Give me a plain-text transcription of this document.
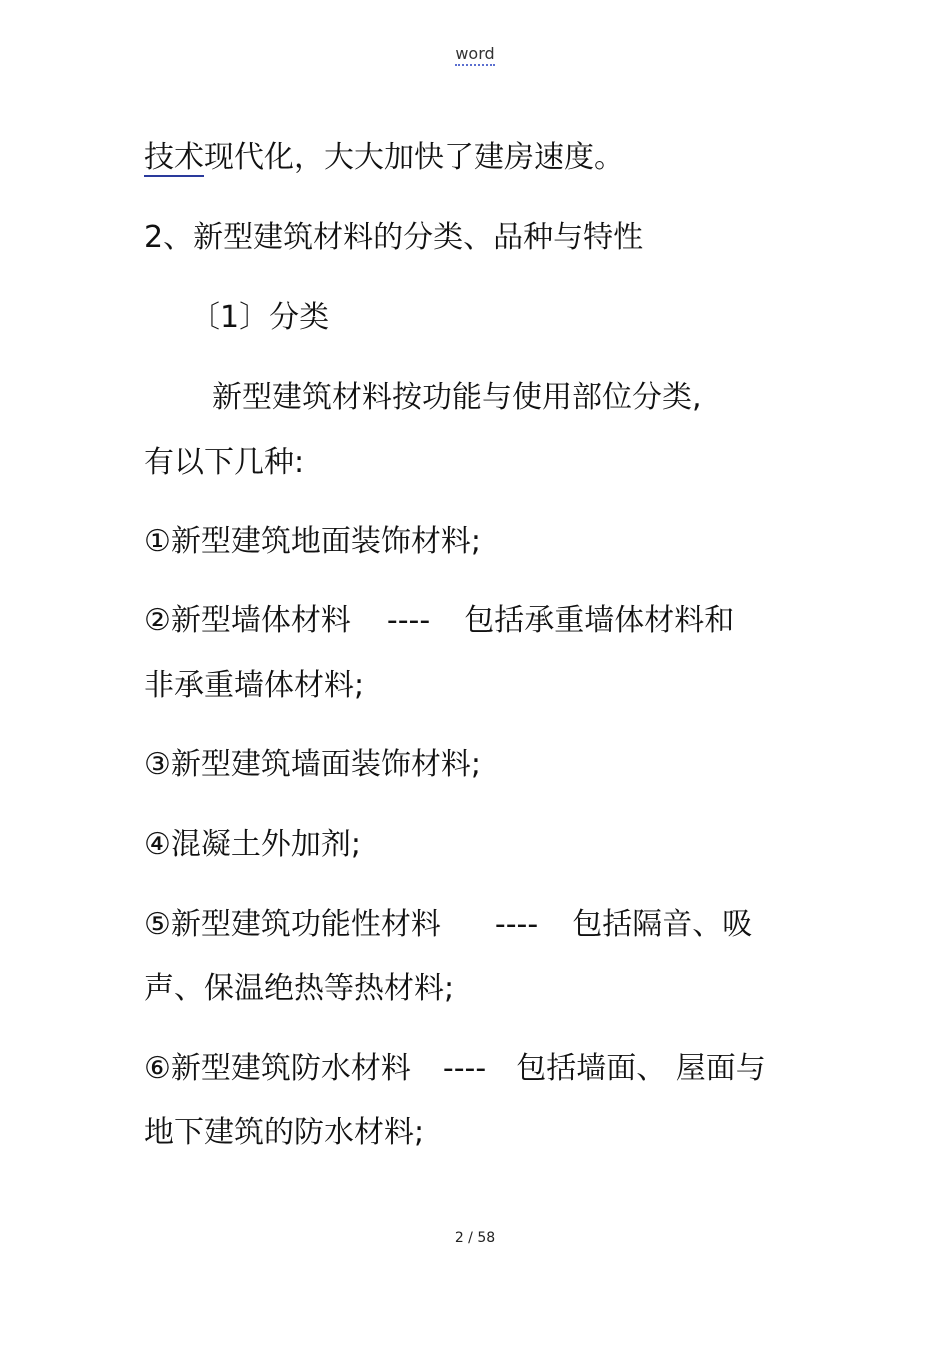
word
技术现代化，大大加快了建房速度。
2、新型建筑材料的分类、品种与特性
〔1〕分类
新型建筑材料按功能与使用部位分类,
有以下几种:
①新型建筑地面装饰材料;
②新型墙体材料 ---- 包括承重墙体材料和
非承重墙体材料;
③新型建筑墙面装饰材料;
④混凝土外加剂;
⑤新型建筑功能性材料 ---- 包括隔音、吸
声、保温绝热等热材料;
⑥新型建筑防水材料 ---- 包括墙面、 屋面与
地下建筑的防水材料;
2 / 58
